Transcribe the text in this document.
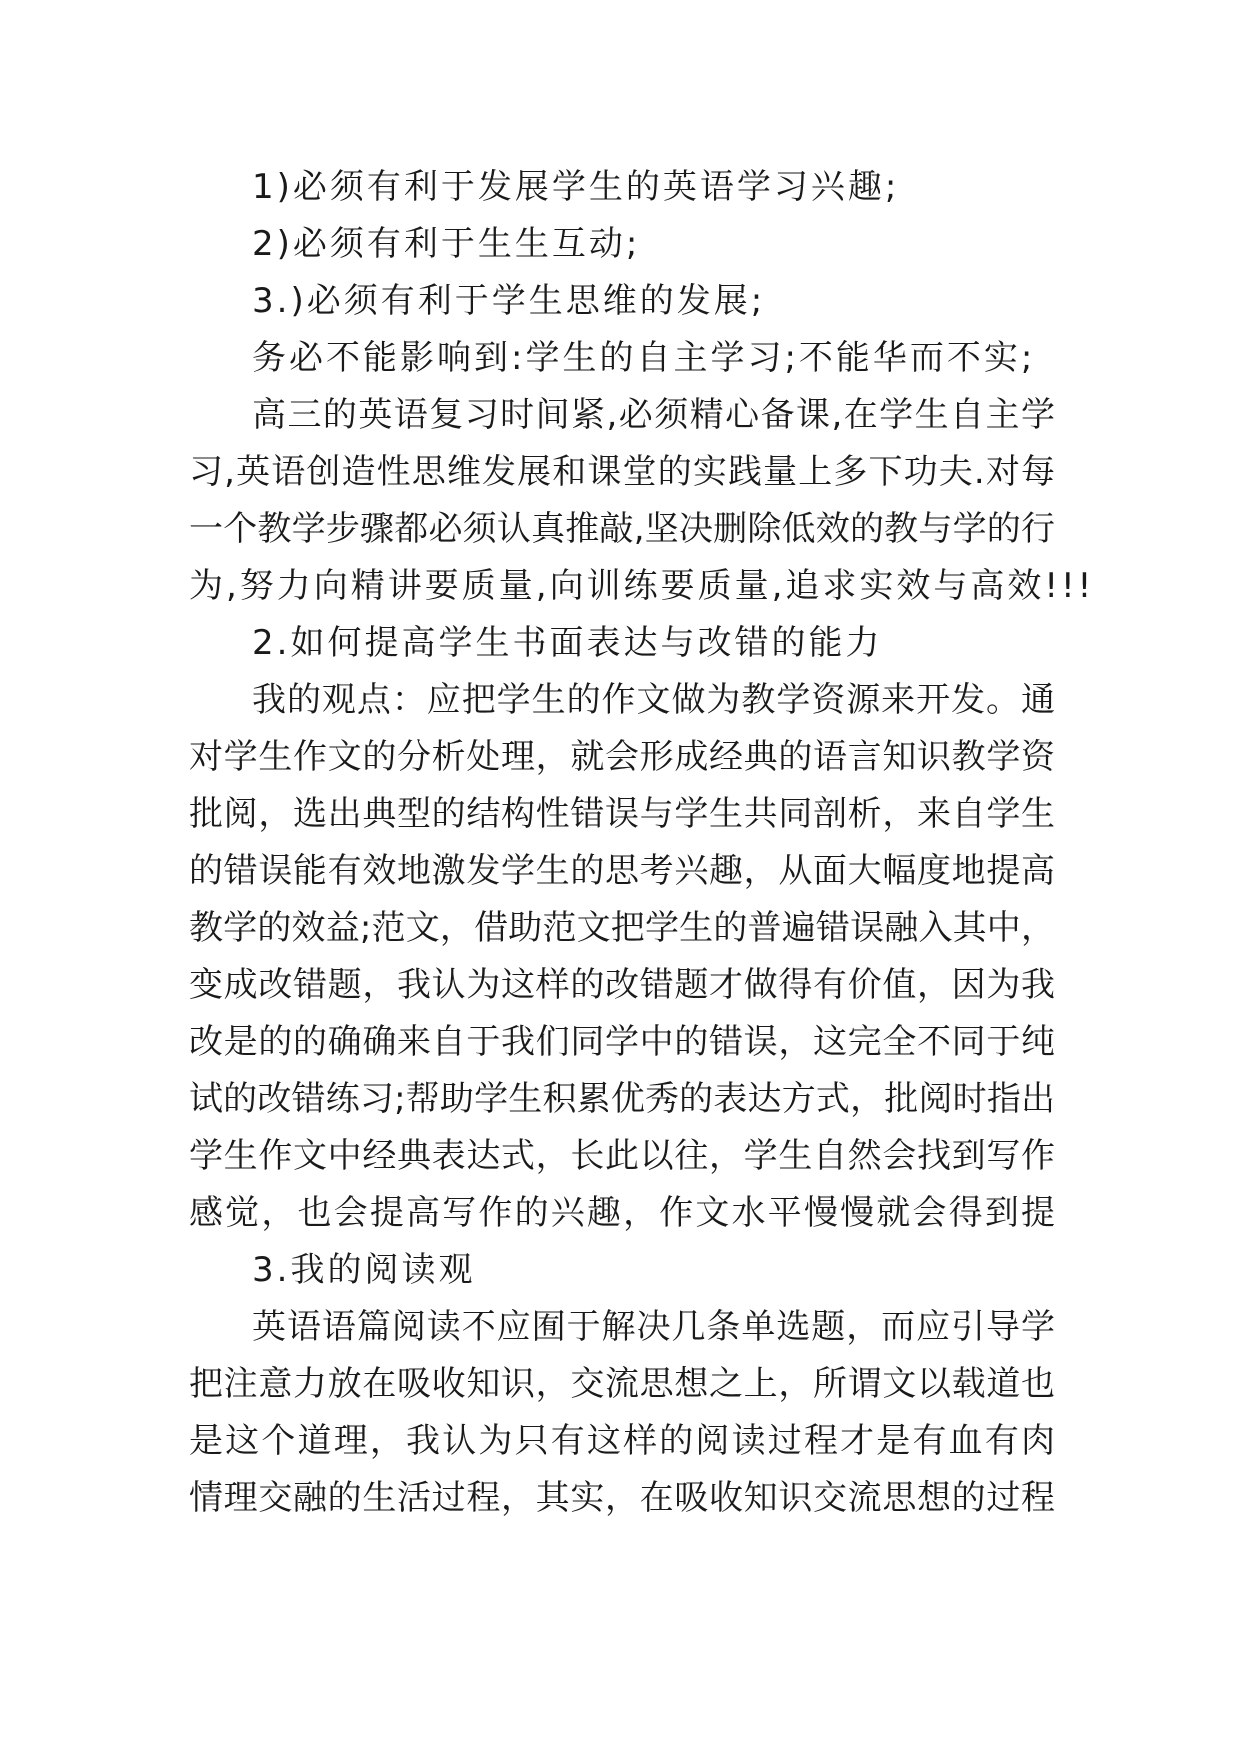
1)必须有利于发展学生的英语学习兴趣;
2)必须有利于生生互动;
3.)必须有利于学生思维的发展;
务必不能影响到:学生的自主学习;不能华而不实;
高三的英语复习时间紧,必须精心备课,在学生自主学
习,英语创造性思维发展和课堂的实践量上多下功夫.对每
一个教学步骤都必须认真推敲,坚决删除低效的教与学的行
为,努力向精讲要质量,向训练要质量,追求实效与高效!!!
2.如何提高学生书面表达与改错的能力
我的观点：应把学生的作文做为教学资源来开发。通
对学生作文的分析处理，就会形成经典的语言知识教学资
批阅，选出典型的结构性错误与学生共同剖析，来自学生
的错误能有效地激发学生的思考兴趣，从面大幅度地提高
教学的效益;范文，借助范文把学生的普遍错误融入其中，
变成改错题，我认为这样的改错题才做得有价值，因为我
改是的的确确来自于我们同学中的错误，这完全不同于纯
试的改错练习;帮助学生积累优秀的表达方式，批阅时指出
学生作文中经典表达式，长此以往，学生自然会找到写作
感觉，也会提高写作的兴趣，作文水平慢慢就会得到提
3.我的阅读观
英语语篇阅读不应囿于解决几条单选题，而应引导学
把注意力放在吸收知识，交流思想之上，所谓文以载道也
是这个道理，我认为只有这样的阅读过程才是有血有肉
情理交融的生活过程，其实，在吸收知识交流思想的过程
